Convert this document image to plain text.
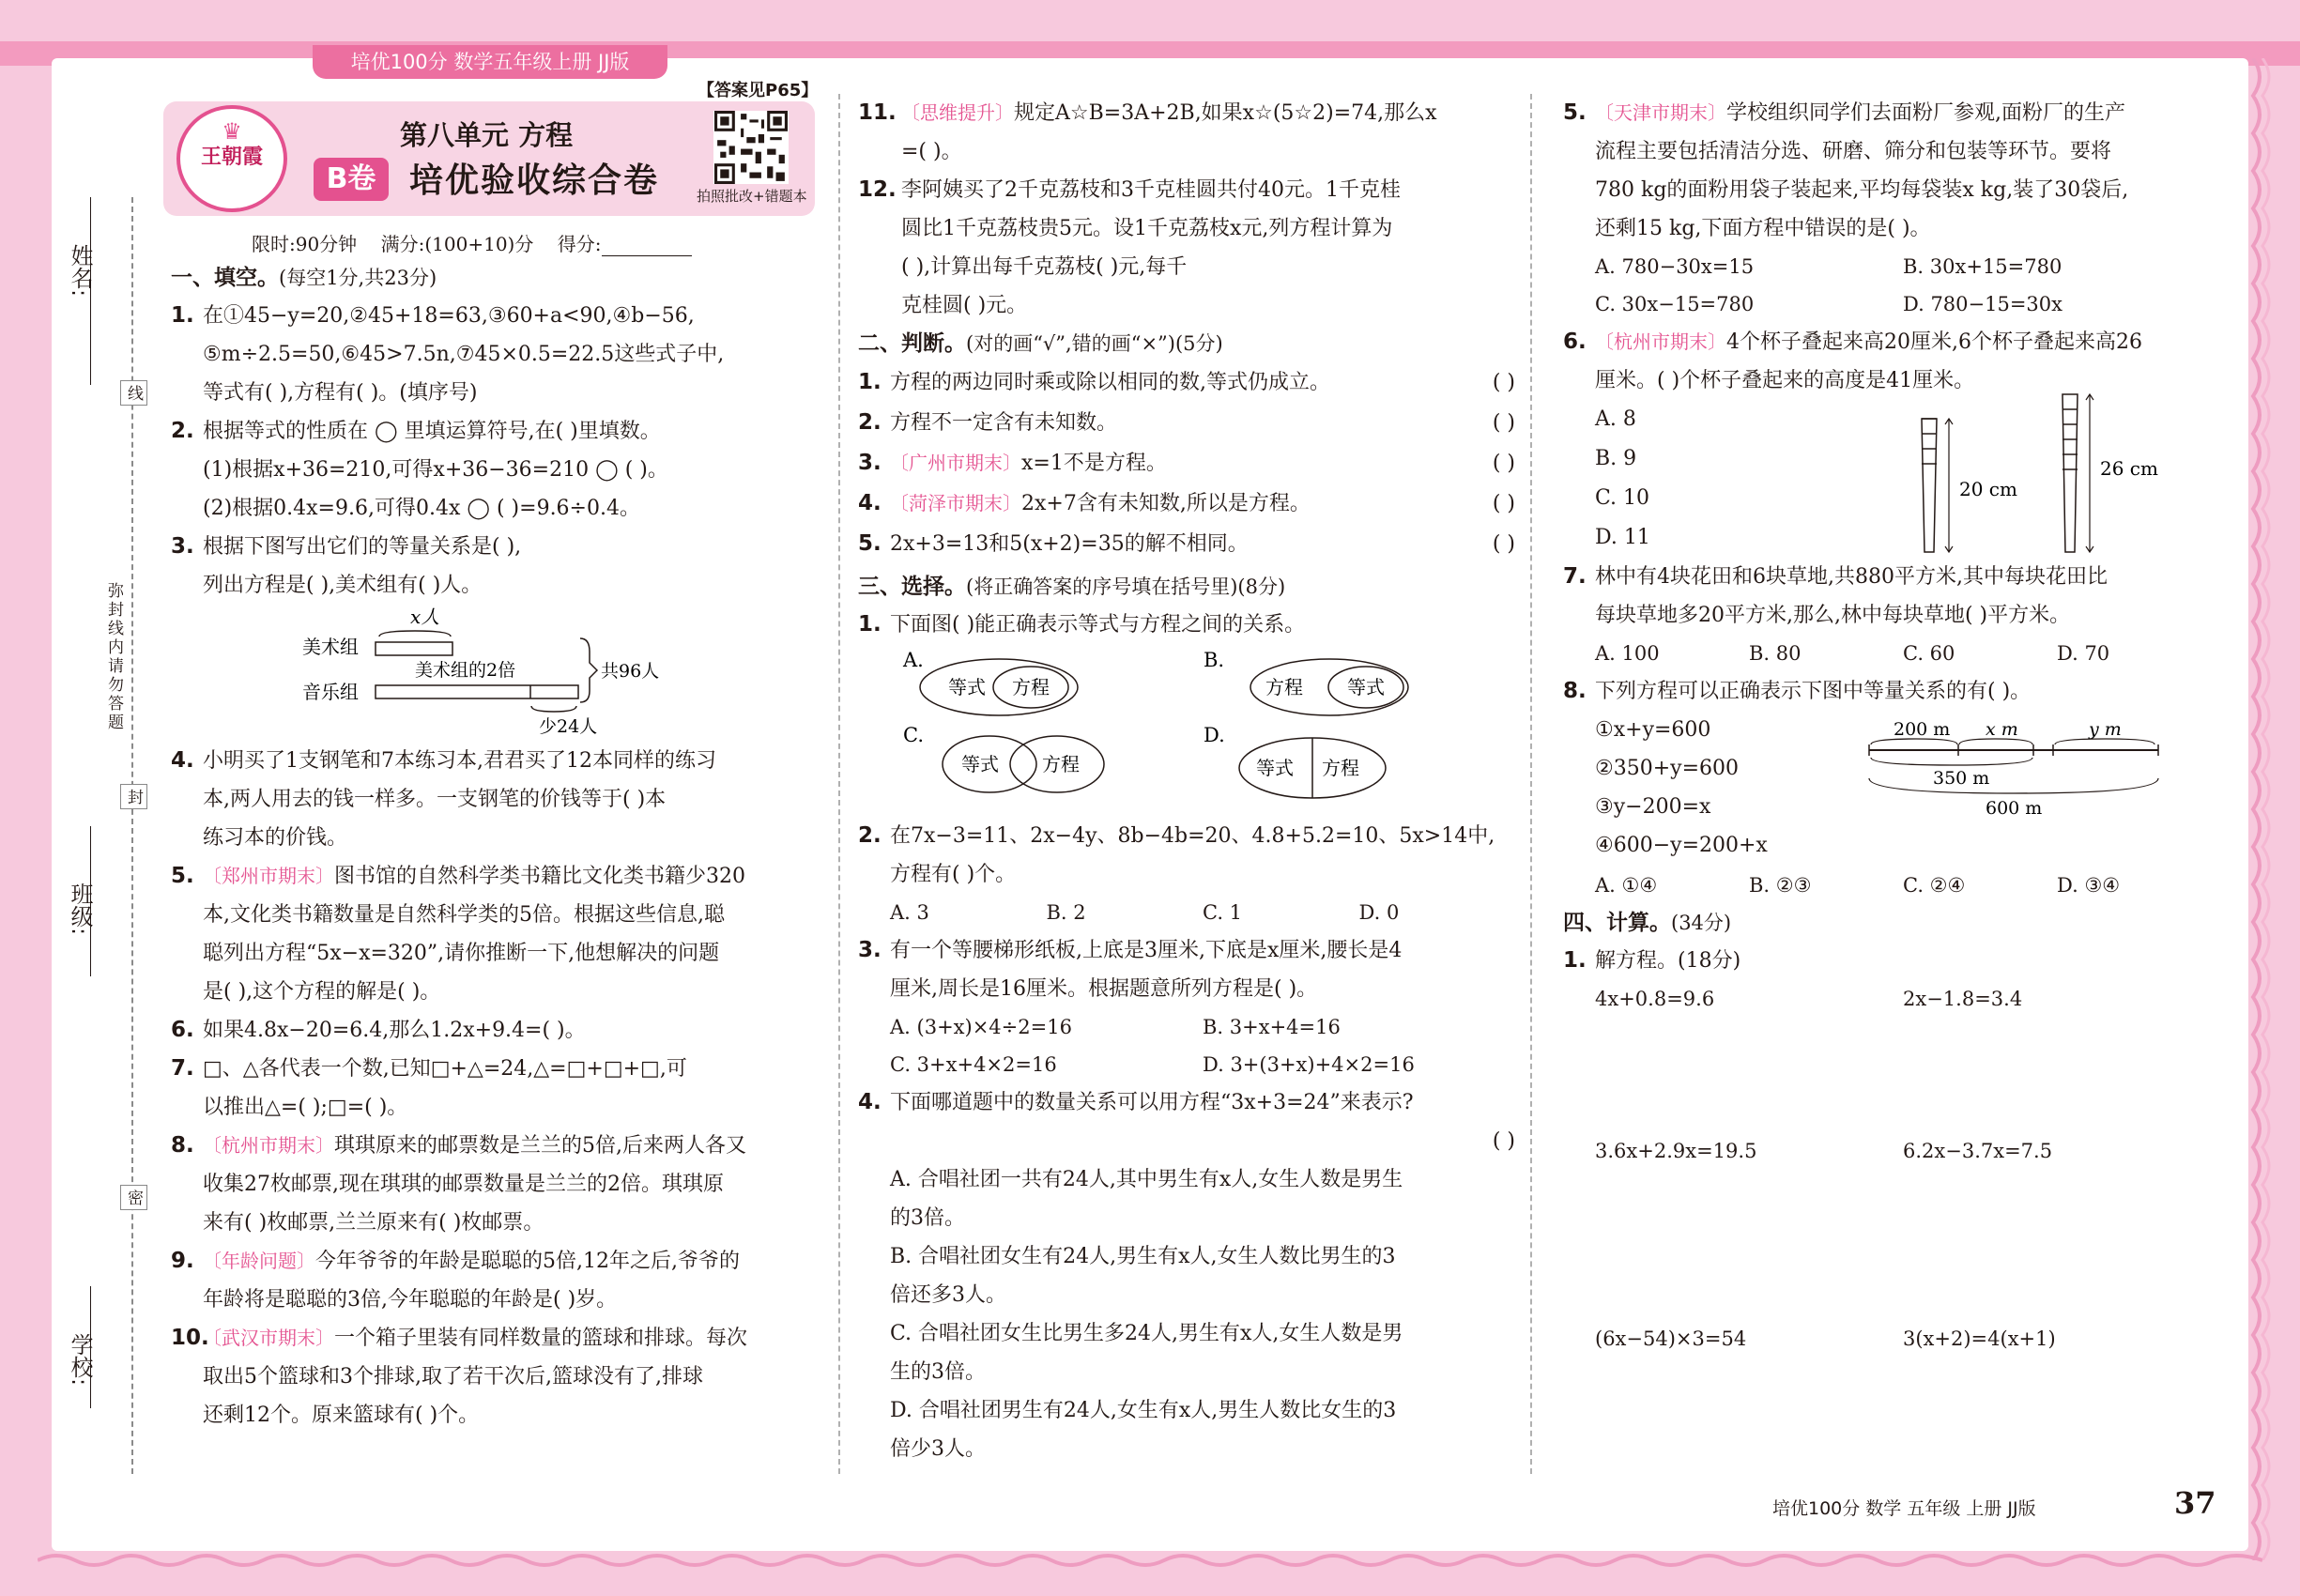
培优100分 数学五年级上册 JJ版
【答案见P65】
♛
王朝霞
第八单元 方程
B卷 培优验收综合卷	拍照批改+错题本
限时:90分钟 满分:(100+10)分 得分:
姓名:
班级:
学校:
线
弥封线内请勿答题
封
密
一、填空。(每空1分,共23分)
1. 在①45−y=20,②45+18=63,③60+a<90,④b−56,
⑤m÷2.5=50,⑥45>7.5n,⑦45×0.5=22.5这些式子中,
等式有( ),方程有( )。(填序号)
2. 根据等式的性质在 ◯ 里填运算符号,在( )里填数。
(1)根据x+36=210,可得x+36−36=210 ◯ ( )。
(2)根据0.4x=9.6,可得0.4x ◯ ( )=9.6÷0.4。
3. 根据下图写出它们的等量关系是( ),
列出方程是( ),美术组有( )人。
美术组
音乐组
x人
美术组的2倍	共96人
少24人
4. 小明买了1支钢笔和7本练习本,君君买了12本同样的练习
本,两人用去的钱一样多。一支钢笔的价钱等于( )本
练习本的价钱。
5. 〔郑州市期末〕图书馆的自然科学类书籍比文化类书籍少320
本,文化类书籍数量是自然科学类的5倍。根据这些信息,聪
聪列出方程“5x−x=320”,请你推断一下,他想解决的问题
是( ),这个方程的解是( )。
6. 如果4.8x−20=6.4,那么1.2x+9.4=( )。
7. □、△各代表一个数,已知□+△=24,△=□+□+□,可
以推出△=( );□=( )。
8. 〔杭州市期末〕琪琪原来的邮票数是兰兰的5倍,后来两人各又
收集27枚邮票,现在琪琪的邮票数量是兰兰的2倍。琪琪原
来有( )枚邮票,兰兰原来有( )枚邮票。
9. 〔年龄问题〕今年爷爷的年龄是聪聪的5倍,12年之后,爷爷的
年龄将是聪聪的3倍,今年聪聪的年龄是( )岁。
10.
〔武汉市期末〕一个箱子里装有同样数量的篮球和排球。每次
取出5个篮球和3个排球,取了若干次后,篮球没有了,排球
还剩12个。原来篮球有( )个。
11. 〔思维提升〕规定A☆B=3A+2B,如果x☆(5☆2)=74,那么x
=( )。
12. 李阿姨买了2千克荔枝和3千克桂圆共付40元。1千克桂
圆比1千克荔枝贵5元。设1千克荔枝x元,列方程计算为
( ),计算出每千克荔枝( )元,每千
克桂圆( )元。
二、判断。(对的画“√”,错的画“×”)(5分)
1. 方程的两边同时乘或除以相同的数,等式仍成立。	( )
2. 方程不一定含有未知数。	( )
3. 〔广州市期末〕x=1不是方程。	( )
4. 〔菏泽市期末〕2x+7含有未知数,所以是方程。	( )
5. 2x+3=13和5(x+2)=35的解不相同。	( )
三、选择。(将正确答案的序号填在括号里)(8分)
1. 下面图( )能正确表示等式与方程之间的关系。
A.
等式 方程
B.
方程 等式
C.
等式 方程
D.
等式 方程
2. 在7x−3=11、2x−4y、8b−4b=20、4.8+5.2=10、5x>14中,
方程有( )个。
A. 3	B. 2	C. 1	D. 0
3. 有一个等腰梯形纸板,上底是3厘米,下底是x厘米,腰长是4
厘米,周长是16厘米。根据题意所列方程是( )。
A. (3+x)×4÷2=16	B. 3+x+4=16
C. 3+x+4×2=16	D. 3+(3+x)+4×2=16
4. 下面哪道题中的数量关系可以用方程“3x+3=24”来表示?
( )
A. 合唱社团一共有24人,其中男生有x人,女生人数是男生
的3倍。
B. 合唱社团女生有24人,男生有x人,女生人数比男生的3
倍还多3人。
C. 合唱社团女生比男生多24人,男生有x人,女生人数是男
生的3倍。
D. 合唱社团男生有24人,女生有x人,男生人数比女生的3
倍少3人。
5. 〔天津市期末〕学校组织同学们去面粉厂参观,面粉厂的生产
流程主要包括清洁分选、研磨、筛分和包装等环节。要将
780 kg的面粉用袋子装起来,平均每袋装x kg,装了30袋后,
还剩15 kg,下面方程中错误的是( )。
A. 780−30x=15	B. 30x+15=780
C. 30x−15=780	D. 780−15=30x
6. 〔杭州市期末〕4个杯子叠起来高20厘米,6个杯子叠起来高26
厘米。( )个杯子叠起来的高度是41厘米。
A. 8
B. 9
C. 10
D. 11
20 cm
26 cm
7. 林中有4块花田和6块草地,共880平方米,其中每块花田比
每块草地多20平方米,那么,林中每块草地( )平方米。
A. 100	B. 80	C. 60	D. 70
8. 下列方程可以正确表示下图中等量关系的有( )。
①x+y=600
②350+y=600
③y−200=x
④600−y=200+x
200 m x m	y m
350 m
600 m
A. ①④	B. ②③	C. ②④	D. ③④
四、计算。(34分)
1. 解方程。(18分)
4x+0.8=9.6	2x−1.8=3.4
3.6x+2.9x=19.5	6.2x−3.7x=7.5
(6x−54)×3=54	3(x+2)=4(x+1)
培优100分 数学 五年级 上册 JJ版	37
